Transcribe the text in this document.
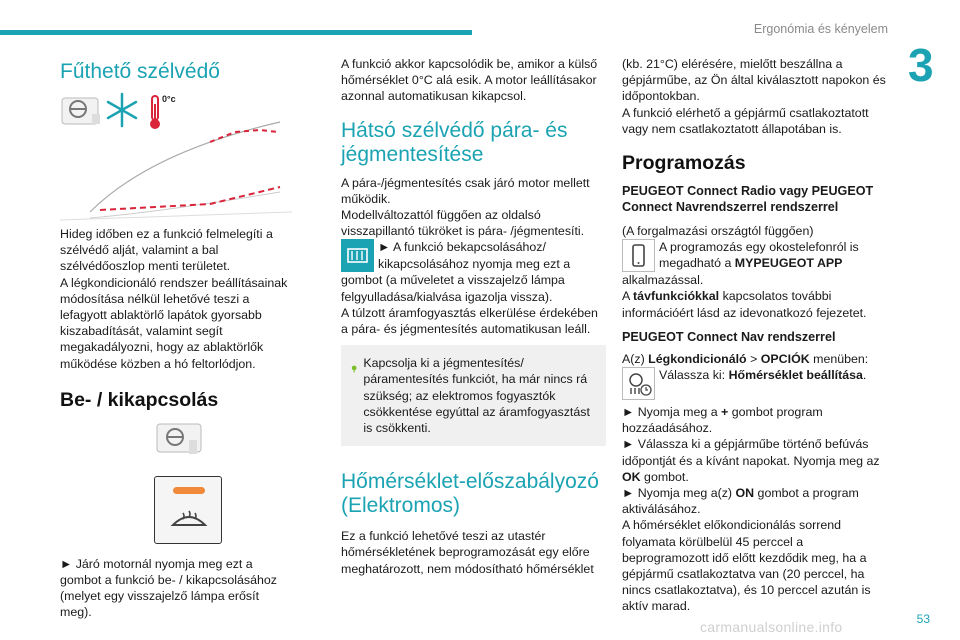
Ergonómia és kényelem
3
Fűthető szélvédő
0°c

Hideg időben ez a funkció felmelegíti a szélvédő alját, valamint a bal szélvédőoszlop menti területet.

A légkondicionáló rendszer beállításainak módosítása nélkül lehetővé teszi a lefagyott ablaktörlő lapátok gyorsabb kiszabadítását, valamint segít megakadályozni, hogy az ablaktörlők működése közben a hó feltorlódjon.

Be- / kikapcsolás

► Járó motornál nyomja meg ezt a gombot a funkció be- / kikapcsolásához (melyet egy visszajelző lámpa erősít meg).

A funkció akkor kapcsolódik be, amikor a külső hőmérséklet 0°C alá esik. A motor leállításakor azonnal automatikusan kikapcsol.

Hátsó szélvédő pára- és jégmentesítése

A pára-/jégmentesítés csak járó motor mellett működik.

Modellváltozattól függően az oldalsó visszapillantó tükröket is pára- /jégmentesíti.

► A funkció bekapcsolásához/ kikapcsolásához nyomja meg ezt a

gombot (a műveletet a visszajelző lámpa felgyulladása/kialvása igazolja vissza).

A túlzott áramfogyasztás elkerülése érdekében a pára- és jégmentesítés automatikusan leáll.

Kapcsolja ki a jégmentesítés/ páramentesítés funkciót, ha már nincs rá szükség; az elektromos fogyasztók csökkentése egyúttal az áramfogyasztást is csökkenti.

Hőmérséklet-előszabályozó (Elektromos)

Ez a funkció lehetővé teszi az utastér hőmérsékletének beprogramozását egy előre meghatározott, nem módosítható hőmérséklet

(kb. 21°C) elérésére, mielőtt beszállna a gépjárműbe, az Ön által kiválasztott napokon és időpontokban.

A funkció elérhető a gépjármű csatlakoztatott vagy nem csatlakoztatott állapotában is.

Programozás
PEUGEOT Connect Radio vagy PEUGEOT Connect Navrendszerrel rendszerrel

(A forgalmazási országtól függően)

A programozás egy okostelefonról is megadható a MYPEUGEOT APP

alkalmazással.

A távfunkciókkal kapcsolatos további információért lásd az idevonatkozó fejezetet.

PEUGEOT Connect Nav rendszerrel

A(z) Légkondicionáló > OPCIÓK menüben:

Válassza ki: Hőmérséklet beállítása.

► Nyomja meg a + gombot program hozzáadásához.

► Válassza ki a gépjárműbe történő befúvás időpontját és a kívánt napokat. Nyomja meg az OK gombot.

► Nyomja meg a(z) ON gombot a program aktiválásához.

A hőmérséklet előkondicionálás sorrend folyamata körülbelül 45 perccel a beprogramozott idő előtt kezdődik meg, ha a gépjármű csatlakoztatva van (20 perccel, ha nincs csatlakoztatva), és 10 perccel azután is aktív marad.

53
carmanualsonline.info
